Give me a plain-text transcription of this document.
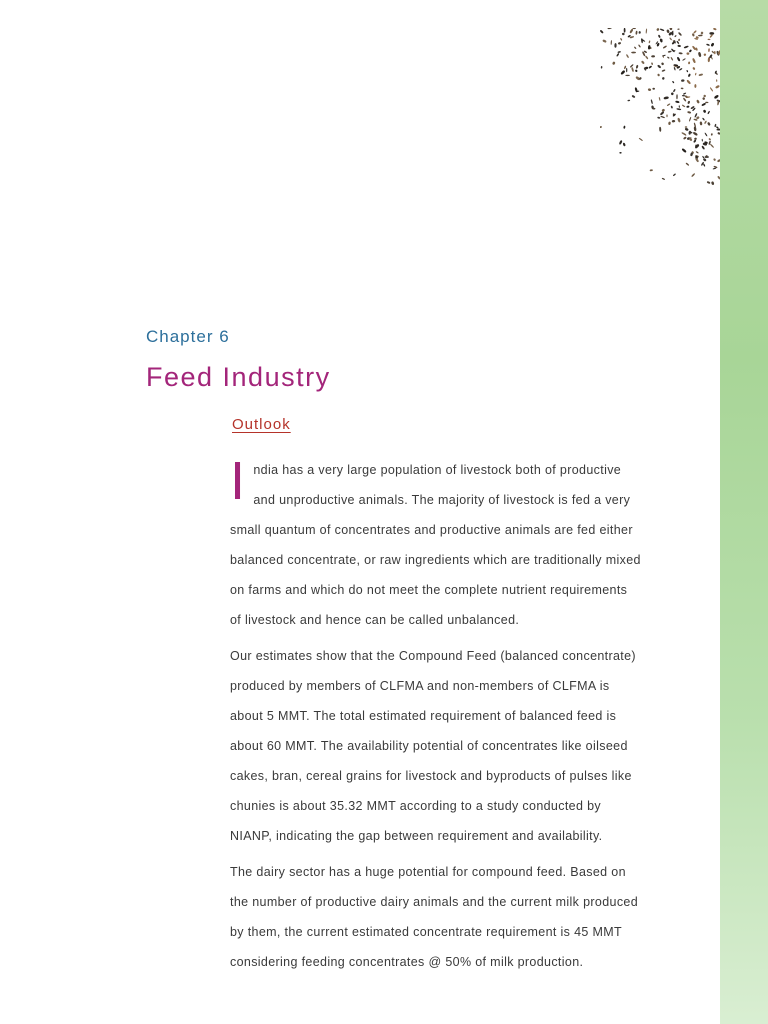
Chapter 6
Feed Industry
Outlook

India has a very large population of livestock both of productive and unproductive animals. The majority of livestock is fed a very small quantum of concentrates and productive animals are fed either balanced concentrate, or raw ingredients which are traditionally mixed on farms and which do not meet the complete nutrient requirements of livestock and hence can be called unbalanced.

Our estimates show that the Compound Feed (balanced concentrate) produced by members of CLFMA and non-members of CLFMA is about 5 MMT. The total estimated requirement of balanced feed is about 60 MMT. The availability potential of concentrates like oilseed cakes, bran, cereal grains for livestock and byproducts of pulses like chunies is about 35.32 MMT according to a study conducted by NIANP, indicating the gap between requirement and availability.

The dairy sector has a huge potential for compound feed. Based on the number of productive dairy animals and the current milk produced by them, the current estimated concentrate requirement is 45 MMT considering feeding concentrates @ 50% of milk production.
